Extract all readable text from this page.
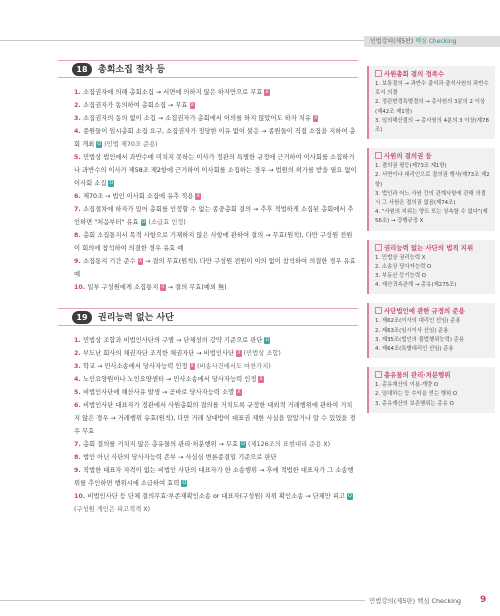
민법강의(제5판) 핵심 Checking
18	총회소집 절차 등
1. 소집권자에 의해 총회소집 → 서면에 의하지 않은 하자만으로 무효 X
2. 소집권자가 동의하여 총회소집 → 무효 X
3. 소집권자의 동의 없이 소집 → 소집권자가 총회에서 이의를 하지 않았어도 하자 치유 X
4. 종원들이 임시총회 소집 요구, 소집권자가 정당한 이유 없이 불응 → 종원들이 직접 소집을 지하여 총회 개최 O (민법 제70조 준용)
5. 민법상 법인에서 과반수에 미치지 못하는 이사가 정관의 특별한 규정에 근거하여 이사회를 소집하거나 과반수의 이사가 제58조 제2항에 근거하여 이사회를 소집하는 경우 → 법원의 허가를 받을 필요 없이 이사회 소집 O
6. 제70조 → 법인 이사회 소집에 유추 적용 X
7. 소집절차에 하자가 있어 총회를 인정할 수 없는 종중총회 결의 → 추후 적법하게 소집된 총회에서 추인하면 "처음부터" 유효 O (소급효 인정)
8. 총회 소집통지서 목적 사항으로 기재하지 않은 사항에 관하여 결의 → 무효(원칙), 다만 구성원 전원이 회의에 참석하여 의결한 경우 유효 예
9. 소집통지 기간 준수 X → 결의 무효(원칙), 다만 구성원 전원이 이의 없이 참석하여 의결한 경우 유효 예
10. 일부 구성원에게 소집통지 X → 결의 무효(예외 無)
19	권리능력 없는 사단
1. 민법상 조합과 비법인사단의 구별 → 단체성의 강약 기준으로 판단 O
2. 부도난 회사의 채권자단 조직한 채권자단 → 비법인사단 X (민법상 조합)
3. 학교 → 민사소송에서 당사자능력 인정 X (비송사건에서도 마찬가지)
4. 노인요양원이나 노인요양센터 → 민사소송에서 당사자능력 인정 X
5. 비법인사단에 해산사유 발생 → 곧바로 당사자능력 소멸 X
6. 비법인사단 대표자가 정관에서 사원총회의 결의를 거치도록 규정한 대외적 거래행위에 관하여 거치지 않은 경우 → 거래행위 유효(원칙), 다만 거래 상대방이 대표권 제한 사실을 알았거나 알 수 있었을 경우 무효
7. 총회 결의를 거치지 않은 총유물의 관리·처분행위 → 무효 O (제126조의 표현대리 준용 X)
8. 법인 아닌 사단의 당사자능력 존부 → 사실심 변론종결일 기준으로 판단
9. 직법한 대표자 자격이 없는 비법인 사단의 대표자가 한 소송행위 → 후에 적법한 대표자가 그 소송행위를 추인하면 행위시에 소급하여 효력 O
10. 비법인사단 등 단체 결의무효·부존재확인소송 or 대표자(구성원) 지위 확인소송 → 단체만 피고 O (구성원 개인은 피고적격 X)
사원총회 결의 정족수
1. 보통결의 → 과반수 출석과 출석사원의 과반수로서 의결
2. 정관변경특별결의 → 총사원의 3분의 2 이상(제42조 제1항)
3. 임의해산결의 → 총사원의 4분의 3 이상(제78조)
사원의 결의권 등
1. 결의권 평등(제73조 제1항)
2. 서면이나 대리인으로 결의권 행사(제73조 제2항)
3. 법인과 어느 사원 간의 관계사항에 관해 의결시 그 사원은 결의권 없음(제74조)
4. "사원의 지위는 양도 또는 상속할 수 없다"(제56조) → 강행규정 X
권리능력 없는 사단의 법적 지위
1. 민법상 권리능력 X
2. 소송상 당사자능력 O
3. 부동산 등기능력 O
4. 재산귀속관계 → 총유(제275조)
사단법인에 관한 규정의 준용
1. 제62조(이사의 대리인 선임) 준용
2. 제63조(임시이사 선임) 준용
3. 제35조(법인의 불법행위능력) 준용
4. 제64조(특별대리인 선임) 준용
총유물의 관리·처분행위
1. 총유재산의 이용·개량 O
2. 임대하는 등 수익을 얻는 행위 O
3. 총유재산의 보존행위는 총유 O
민법강의(제5판) 핵심 Checking 9
